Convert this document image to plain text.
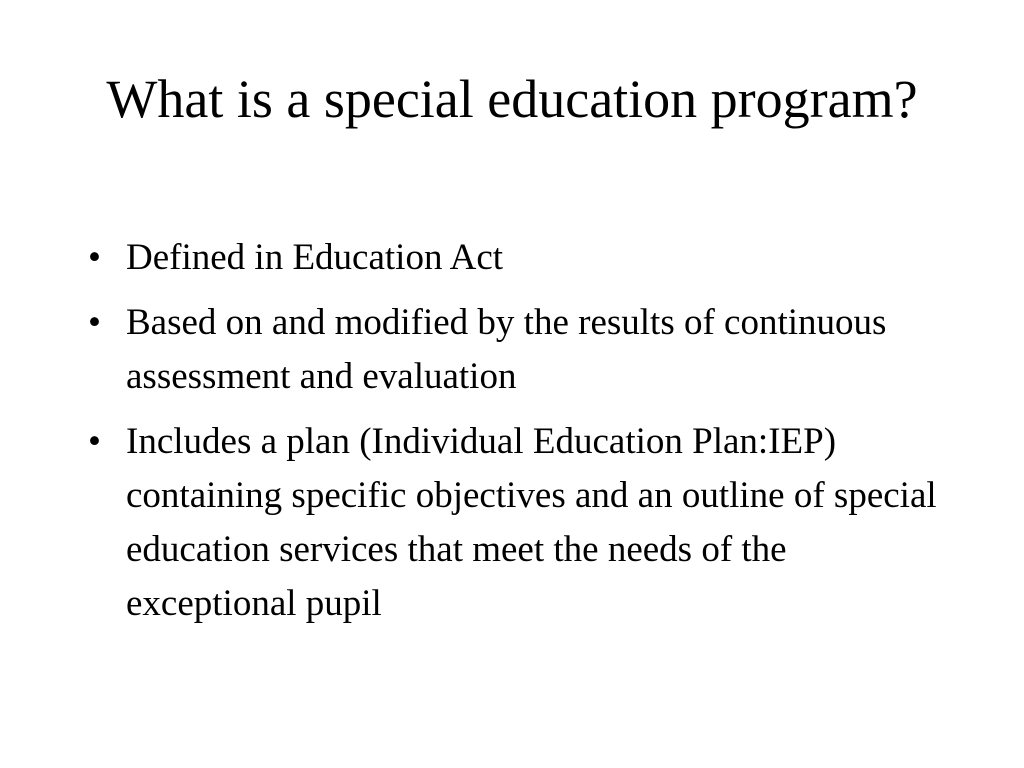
What is a special education program?
• Defined in Education Act
• Based on and modified by the results of continuous assessment and evaluation
• Includes a plan (Individual Education Plan:IEP) containing specific objectives and an outline of special education services that meet the needs of the exceptional pupil
